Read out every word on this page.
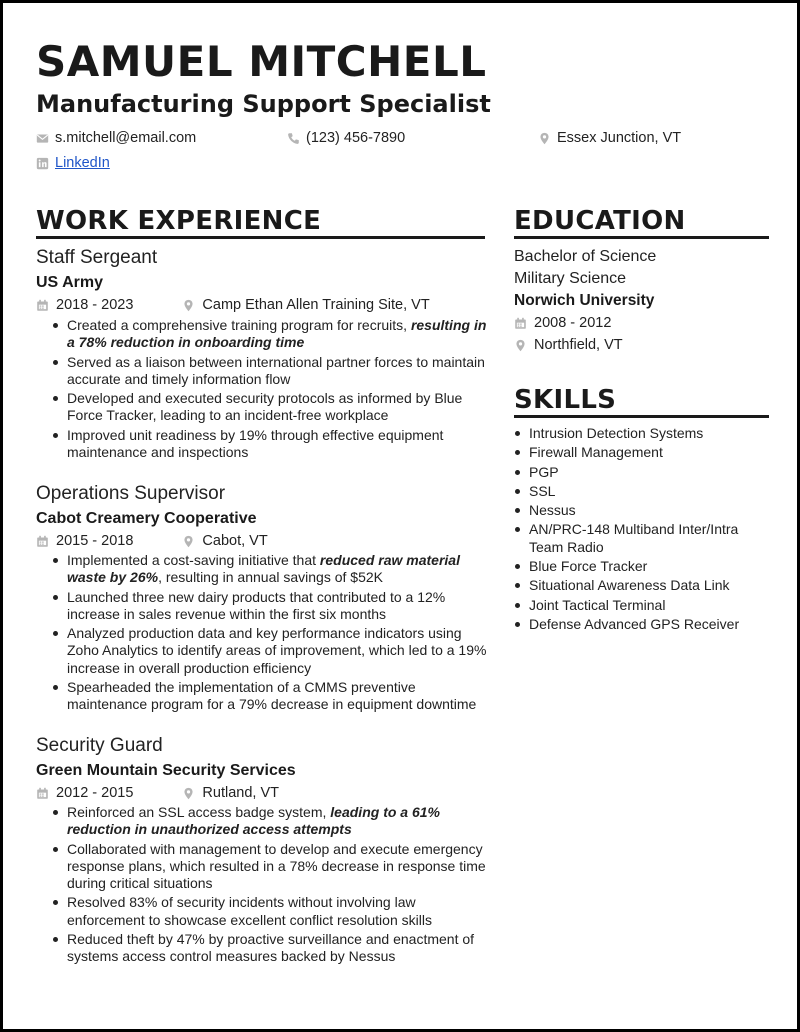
SAMUEL MITCHELL
Manufacturing Support Specialist
s.mitchell@email.com	(123) 456-7890	Essex Junction, VT
LinkedIn
WORK EXPERIENCE
Staff Sergeant
US Army
2018 - 2023	Camp Ethan Allen Training Site, VT
Created a comprehensive training program for recruits, resulting in a 78% reduction in onboarding time
Served as a liaison between international partner forces to maintain accurate and timely information flow
Developed and executed security protocols as informed by Blue Force Tracker, leading to an incident-free workplace
Improved unit readiness by 19% through effective equipment maintenance and inspections
Operations Supervisor
Cabot Creamery Cooperative
2015 - 2018	Cabot, VT
Implemented a cost-saving initiative that reduced raw material waste by 26%, resulting in annual savings of $52K
Launched three new dairy products that contributed to a 12% increase in sales revenue within the first six months
Analyzed production data and key performance indicators using Zoho Analytics to identify areas of improvement, which led to a 19% increase in overall production efficiency
Spearheaded the implementation of a CMMS preventive maintenance program for a 79% decrease in equipment downtime
Security Guard
Green Mountain Security Services
2012 - 2015	Rutland, VT
Reinforced an SSL access badge system, leading to a 61% reduction in unauthorized access attempts
Collaborated with management to develop and execute emergency response plans, which resulted in a 78% decrease in response time during critical situations
Resolved 83% of security incidents without involving law enforcement to showcase excellent conflict resolution skills
Reduced theft by 47% by proactive surveillance and enactment of systems access control measures backed by Nessus
EDUCATION
Bachelor of Science
Military Science
Norwich University
2008 - 2012
Northfield, VT
SKILLS
Intrusion Detection Systems
Firewall Management
PGP
SSL
Nessus
AN/PRC-148 Multiband Inter/Intra Team Radio
Blue Force Tracker
Situational Awareness Data Link
Joint Tactical Terminal
Defense Advanced GPS Receiver
